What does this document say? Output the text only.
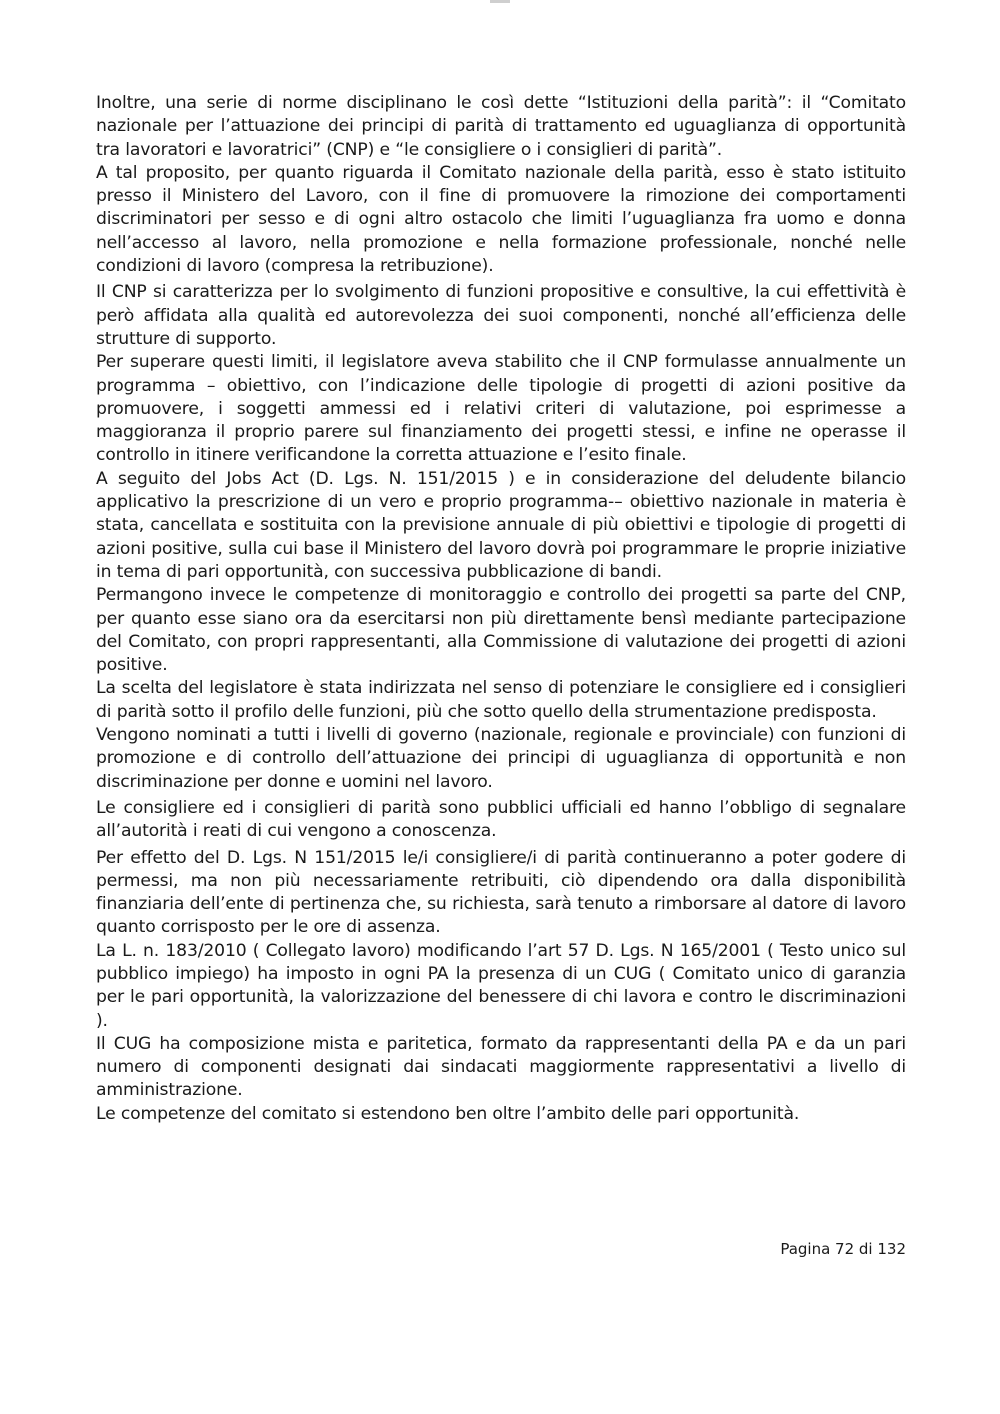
Inoltre, una serie di norme disciplinano le così dette “Istituzioni della parità”: il “Comitato nazionale per l’attuazione dei principi di parità di trattamento ed uguaglianza di opportunità tra lavoratori e lavoratrici” (CNP) e “le consigliere o i consiglieri di parità”.

A tal proposito, per quanto riguarda il Comitato nazionale della parità, esso è stato istituito presso il Ministero del Lavoro, con il fine di promuovere la rimozione dei comportamenti discriminatori per sesso e di ogni altro ostacolo che limiti l’uguaglianza fra uomo e donna nell’accesso al lavoro, nella promozione e nella formazione professionale, nonché nelle condizioni di lavoro (compresa la retribuzione).

Il CNP si caratterizza per lo svolgimento di funzioni propositive e consultive, la cui effettività è però affidata alla qualità ed autorevolezza dei suoi componenti, nonché all’efficienza delle strutture di supporto.

Per superare questi limiti, il legislatore aveva stabilito che il CNP formulasse annualmente un programma – obiettivo, con l’indicazione delle tipologie di progetti di azioni positive da promuovere, i soggetti ammessi ed i relativi criteri di valutazione, poi esprimesse a maggioranza il proprio parere sul finanziamento dei progetti stessi, e infine ne operasse il controllo in itinere verificandone la corretta attuazione e l’esito finale.

A seguito del Jobs Act (D. Lgs. N. 151/2015 ) e in considerazione del deludente bilancio applicativo la prescrizione di un vero e proprio programma-– obiettivo nazionale in materia è stata, cancellata e sostituita con la previsione annuale di più obiettivi e tipologie di progetti di azioni positive, sulla cui base il Ministero del lavoro dovrà poi programmare le proprie iniziative in tema di pari opportunità, con successiva pubblicazione di bandi.

Permangono invece le competenze di monitoraggio e controllo dei progetti sa parte del CNP, per quanto esse siano ora da esercitarsi non più direttamente bensì mediante partecipazione del Comitato, con propri rappresentanti, alla Commissione di valutazione dei progetti di azioni positive.

La scelta del legislatore è stata indirizzata nel senso di potenziare le consigliere ed i consiglieri di parità sotto il profilo delle funzioni, più che sotto quello della strumentazione predisposta.

Vengono nominati a tutti i livelli di governo (nazionale, regionale e provinciale) con funzioni di promozione e di controllo dell’attuazione dei principi di uguaglianza di opportunità e non discriminazione per donne e uomini nel lavoro.

Le consigliere ed i consiglieri di parità sono pubblici ufficiali ed hanno l’obbligo di segnalare all’autorità i reati di cui vengono a conoscenza.

Per effetto del D. Lgs. N 151/2015 le/i consigliere/i di parità continueranno a poter godere di permessi, ma non più necessariamente retribuiti, ciò dipendendo ora dalla disponibilità finanziaria dell’ente di pertinenza che, su richiesta, sarà tenuto a rimborsare al datore di lavoro quanto corrisposto per le ore di assenza.

La L. n. 183/2010 ( Collegato lavoro) modificando l’art 57 D. Lgs. N 165/2001 ( Testo unico sul pubblico impiego) ha imposto in ogni PA la presenza di un CUG ( Comitato unico di garanzia per le pari opportunità, la valorizzazione del benessere di chi lavora e contro le discriminazioni ).

Il CUG ha composizione mista e paritetica, formato da rappresentanti della PA e da un pari numero di componenti designati dai sindacati maggiormente rappresentativi a livello di amministrazione.

Le competenze del comitato si estendono ben oltre l’ambito delle pari opportunità.

Pagina 72 di 132
